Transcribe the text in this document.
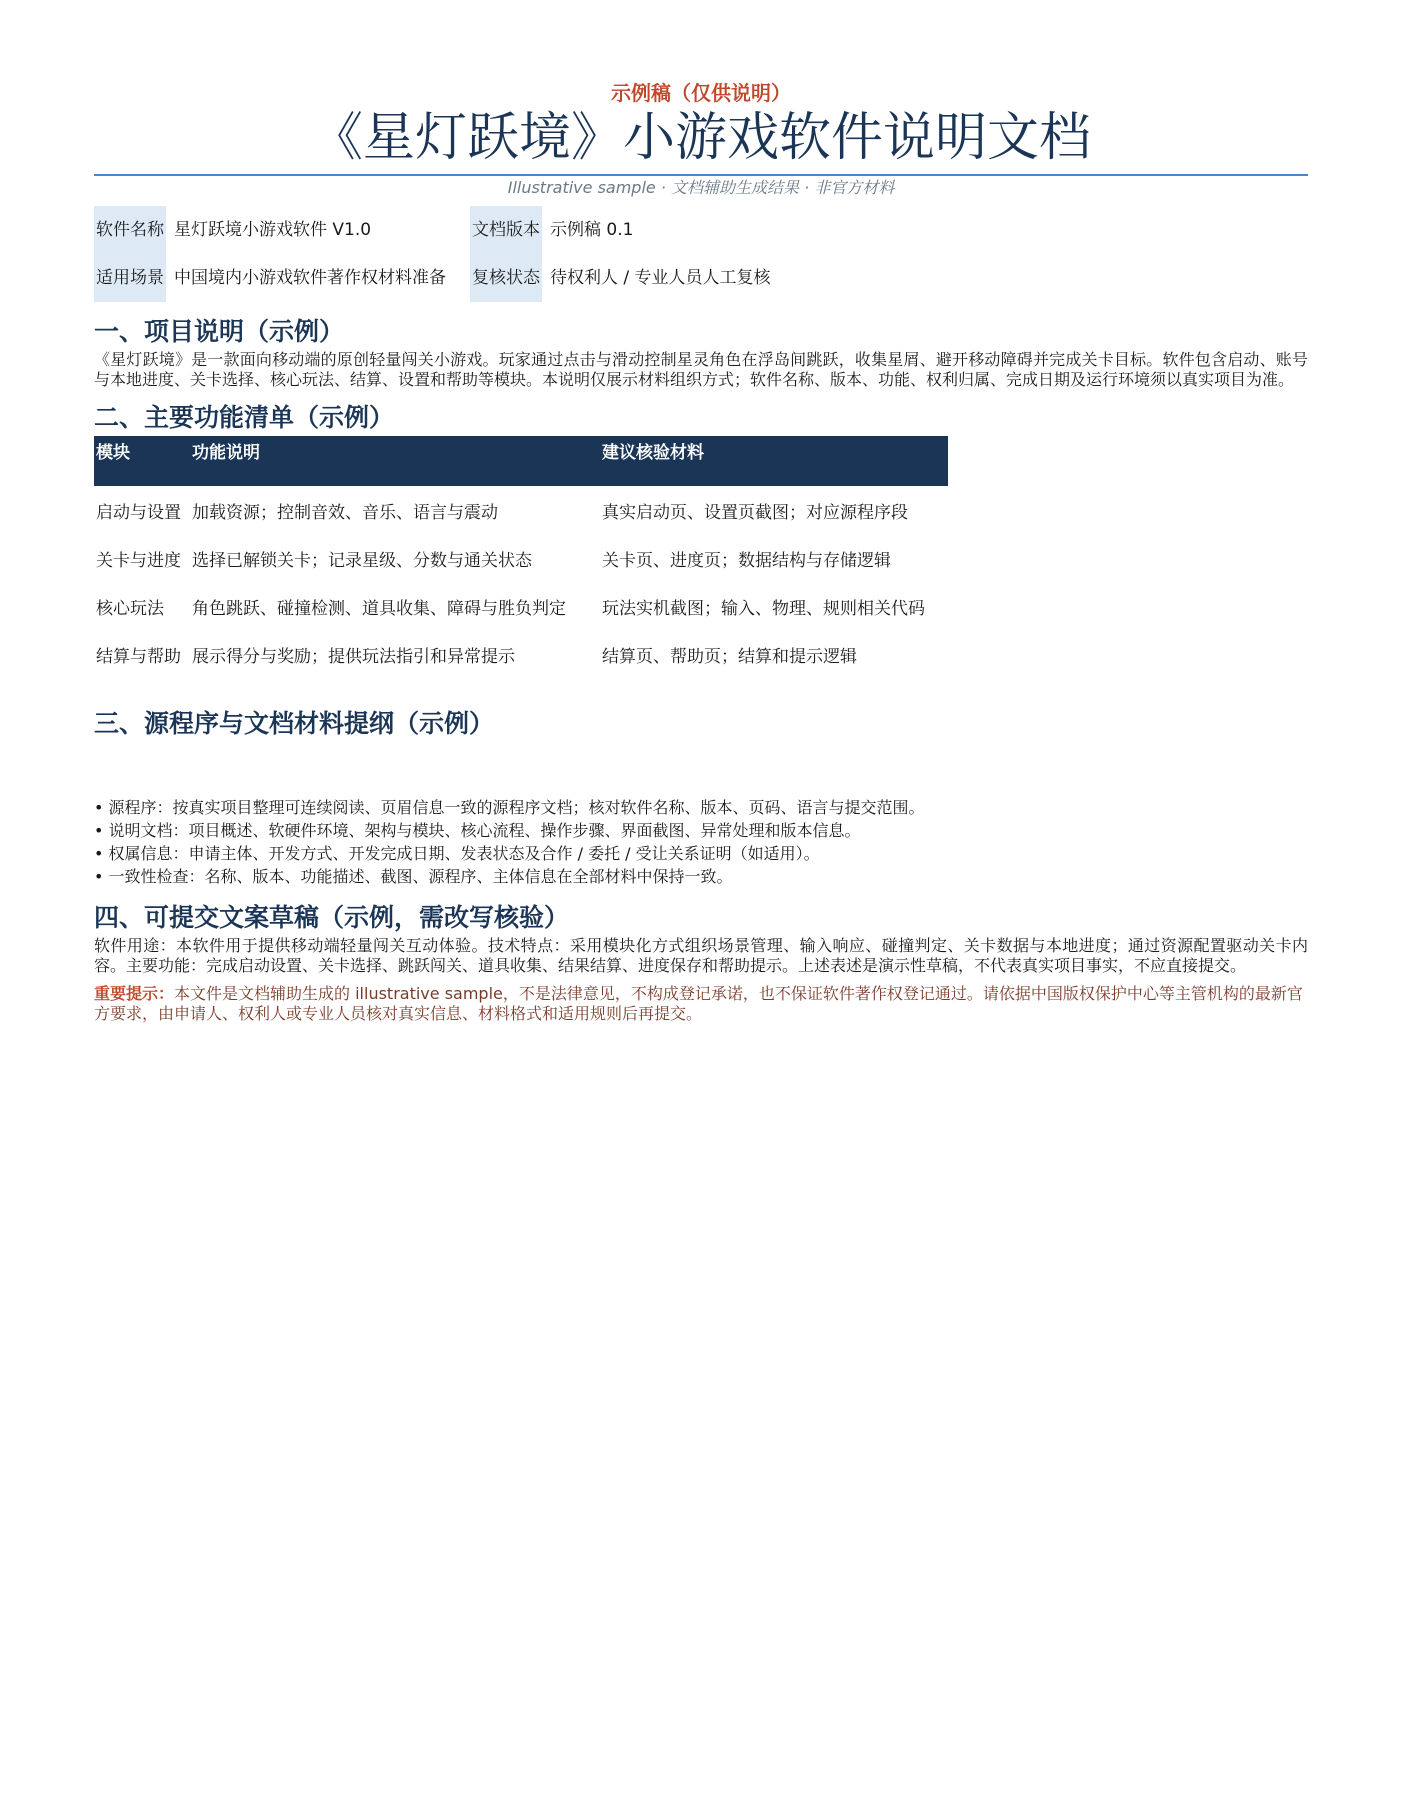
示例稿（仅供说明）
《星灯跃境》小游戏软件说明文档
Illustrative sample · 文档辅助生成结果 · 非官方材料
软件名称 星灯跃境小游戏软件 V1.0	文档版本 示例稿 0.1
适用场景 中国境内小游戏软件著作权材料准备 复核状态 待权利人 / 专业人员人工复核
一、项目说明（示例）

《星灯跃境》是一款面向移动端的原创轻量闯关小游戏。玩家通过点击与滑动控制星灵角色在浮岛间跳跃，收集星屑、避开移动障碍并完成关卡目标。软件包含启动、账号与本地进度、关卡选择、核心玩法、结算、设置和帮助等模块。本说明仅展示材料组织方式；软件名称、版本、功能、权利归属、完成日期及运行环境须以真实项目为准。

二、主要功能清单（示例）
模块	功能说明	建议核验材料
启动与设置	加载资源；控制音效、音乐、语言与震动	真实启动页、设置页截图；对应源程序段
关卡与进度	选择已解锁关卡；记录星级、分数与通关状态	关卡页、进度页；数据结构与存储逻辑
核心玩法	角色跳跃、碰撞检测、道具收集、障碍与胜负判定	玩法实机截图；输入、物理、规则相关代码
结算与帮助	展示得分与奖励；提供玩法指引和异常提示	结算页、帮助页；结算和提示逻辑
三、源程序与文档材料提纲（示例）
• 源程序：按真实项目整理可连续阅读、页眉信息一致的源程序文档；核对软件名称、版本、页码、语言与提交范围。
• 说明文档：项目概述、软硬件环境、架构与模块、核心流程、操作步骤、界面截图、异常处理和版本信息。
• 权属信息：申请主体、开发方式、开发完成日期、发表状态及合作 / 委托 / 受让关系证明（如适用）。
• 一致性检查：名称、版本、功能描述、截图、源程序、主体信息在全部材料中保持一致。
四、可提交文案草稿（示例，需改写核验）

软件用途：本软件用于提供移动端轻量闯关互动体验。技术特点：采用模块化方式组织场景管理、输入响应、碰撞判定、关卡数据与本地进度；通过资源配置驱动关卡内容。主要功能：完成启动设置、关卡选择、跳跃闯关、道具收集、结果结算、进度保存和帮助提示。上述表述是演示性草稿，不代表真实项目事实，不应直接提交。

重要提示：本文件是文档辅助生成的 illustrative sample，不是法律意见，不构成登记承诺，也不保证软件著作权登记通过。请依据中国版权保护中心等主管机构的最新官方要求，由申请人、权利人或专业人员核对真实信息、材料格式和适用规则后再提交。
